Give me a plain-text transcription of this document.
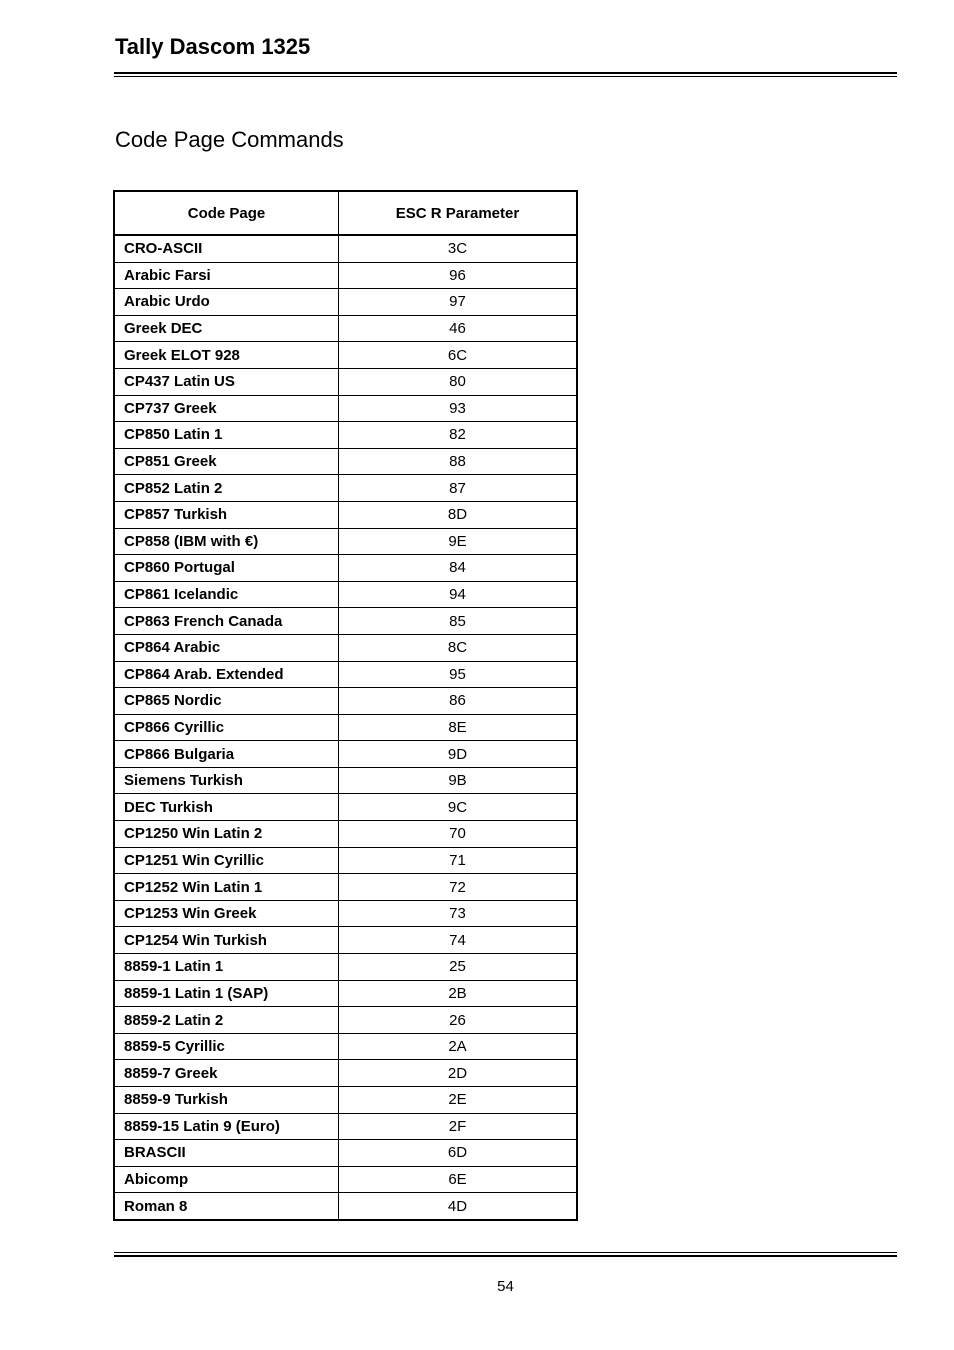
Tally Dascom 1325
Code Page Commands
Code Page	ESC R Parameter
CRO-ASCII	3C
Arabic Farsi	96
Arabic Urdo	97
Greek DEC	46
Greek ELOT 928	6C
CP437 Latin US	80
CP737 Greek	93
CP850 Latin 1	82
CP851 Greek	88
CP852 Latin 2	87
CP857 Turkish	8D
CP858 (IBM with €)	9E
CP860 Portugal	84
CP861 Icelandic	94
CP863 French Canada	85
CP864 Arabic	8C
CP864 Arab. Extended	95
CP865 Nordic	86
CP866 Cyrillic	8E
CP866 Bulgaria	9D
Siemens Turkish	9B
DEC Turkish	9C
CP1250 Win Latin 2	70
CP1251 Win Cyrillic	71
CP1252 Win Latin 1	72
CP1253 Win Greek	73
CP1254 Win Turkish	74
8859-1 Latin 1	25
8859-1 Latin 1 (SAP)	2B
8859-2 Latin 2	26
8859-5 Cyrillic	2A
8859-7 Greek	2D
8859-9 Turkish	2E
8859-15 Latin 9 (Euro)	2F
BRASCII	6D
Abicomp	6E
Roman 8	4D
54
